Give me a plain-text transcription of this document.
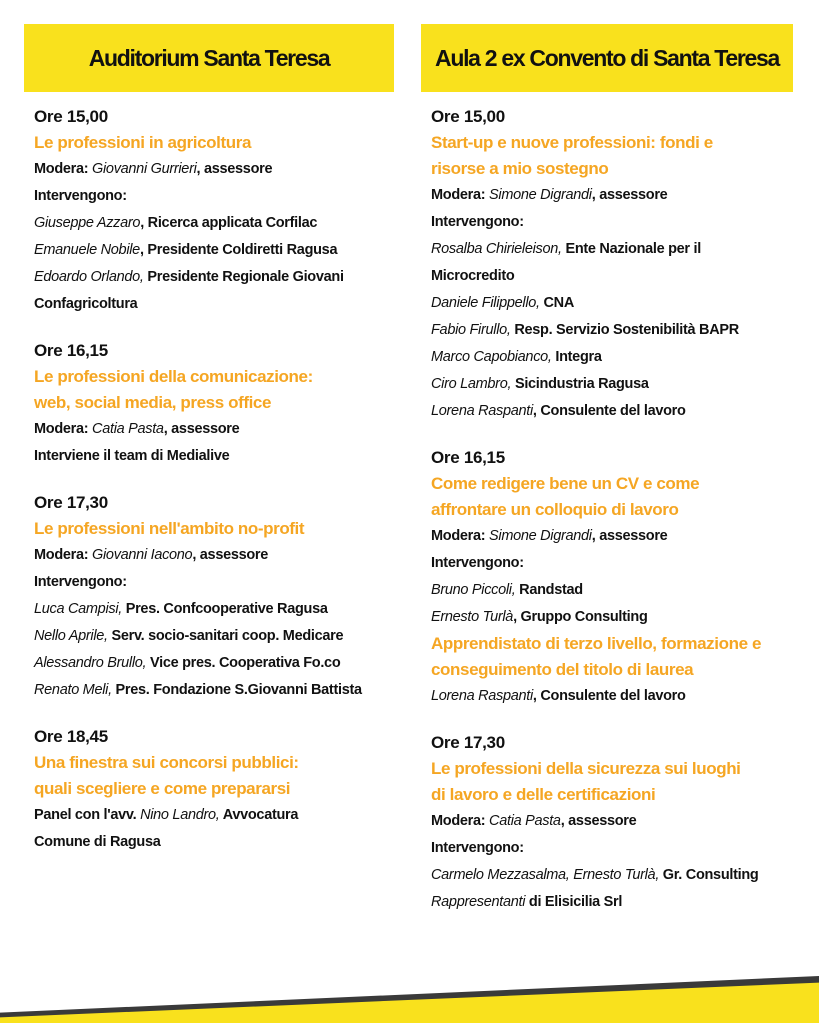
Auditorium Santa Teresa
Ore 15,00
Le professioni in agricoltura
Modera: Giovanni Gurrieri, assessore
Intervengono:
Giuseppe Azzaro, Ricerca applicata Corfilac
Emanuele Nobile, Presidente Coldiretti Ragusa
Edoardo Orlando, Presidente Regionale Giovani
Confagricoltura
Ore 16,15
Le professioni della comunicazione: web, social media, press office
Modera: Catia Pasta, assessore
Interviene il team di Medialive
Ore 17,30
Le professioni nell'ambito no-profit
Modera: Giovanni Iacono, assessore
Intervengono:
Luca Campisi, Pres. Confcooperative Ragusa
Nello Aprile, Serv. socio-sanitari coop. Medicare
Alessandro Brullo, Vice pres. Cooperativa Fo.co
Renato Meli, Pres. Fondazione S.Giovanni Battista
Ore 18,45
Una finestra sui concorsi pubblici: quali scegliere e come prepararsi
Panel con l'avv. Nino Landro, Avvocatura
Comune di Ragusa
Aula 2 ex Convento di Santa Teresa
Ore 15,00
Start-up e nuove professioni: fondi e risorse a mio sostegno
Modera: Simone Digrandi, assessore
Intervengono:
Rosalba Chirieleison, Ente Nazionale per il
Microcredito
Daniele Filippello, CNA
Fabio Firullo, Resp. Servizio Sostenibilità BAPR
Marco Capobianco, Integra
Ciro Lambro, Sicindustria Ragusa
Lorena Raspanti, Consulente del lavoro
Ore 16,15
Come redigere bene un CV e come affrontare un colloquio di lavoro
Modera: Simone Digrandi, assessore
Intervengono:
Bruno Piccoli, Randstad
Ernesto Turlà, Gruppo Consulting
Apprendistato di terzo livello, formazione e conseguimento del titolo di laurea
Lorena Raspanti, Consulente del lavoro
Ore 17,30
Le professioni della sicurezza sui luoghi di lavoro e delle certificazioni
Modera: Catia Pasta, assessore
Intervengono:
Carmelo Mezzasalma, Ernesto Turlà, Gr. Consulting
Rappresentanti di Elisicilia Srl
